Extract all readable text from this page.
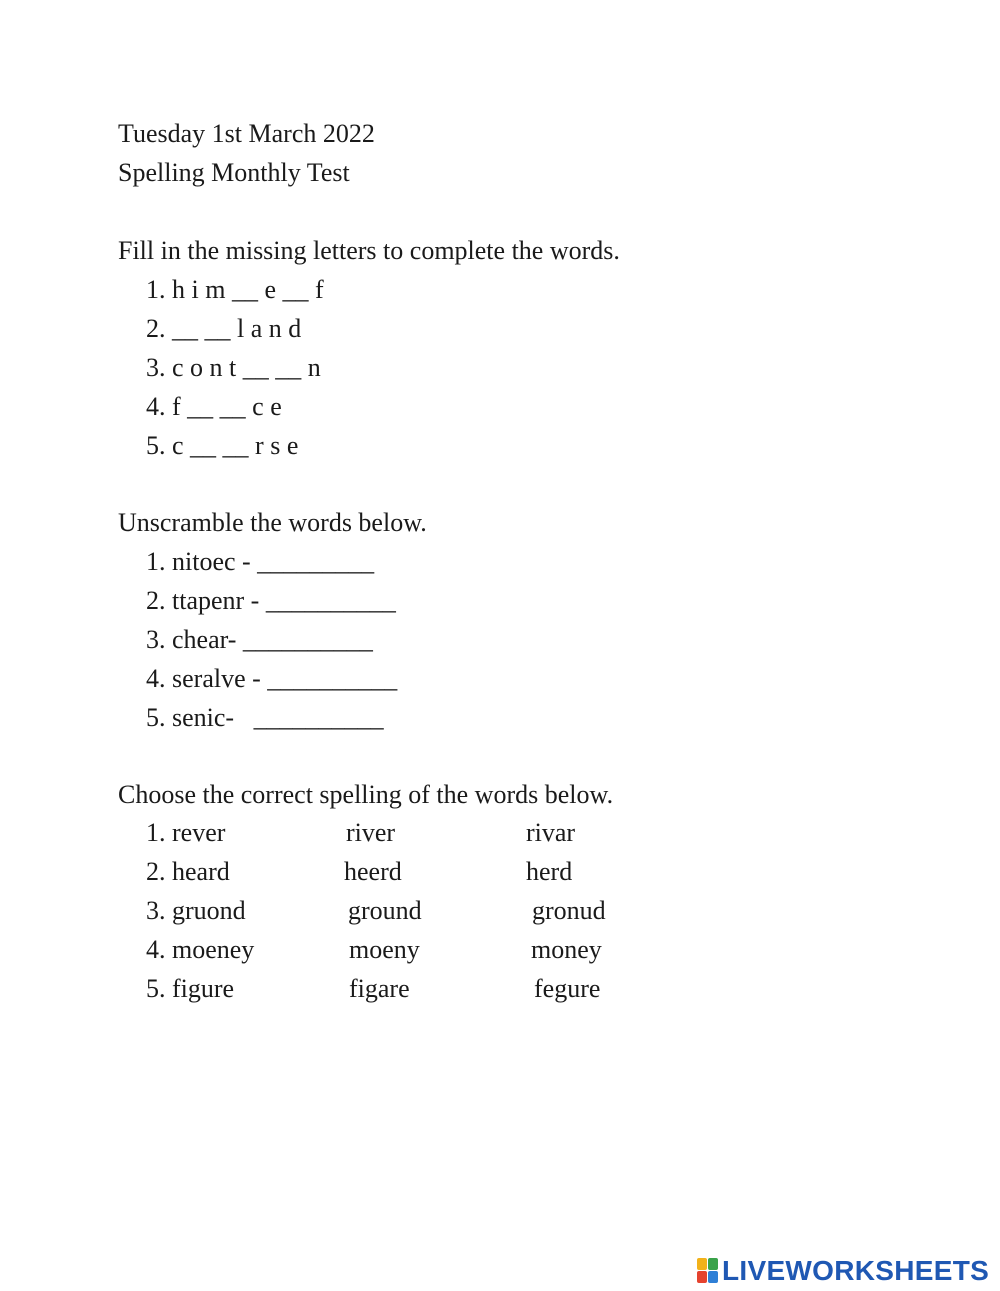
Tuesday 1st March 2022
Spelling Monthly Test
Fill in the missing letters to complete the words.
1. h i m __ e __ f
2. __ __ l a n d
3. c o n t __ __ n
4. f __ __ c e
5. c __ __ r s e
Unscramble the words below.
1. nitoec - _________
2. ttapenr - __________
3. chear- __________
4. seralve - __________
5. senic-   __________
Choose the correct spelling of the words below.
1. rever	river	rivar
2. heard	heerd	herd
3. gruond	ground	gronud
4. moeney	moeny	money
5. figure	figare	fegure
LIVEWORKSHEETS
